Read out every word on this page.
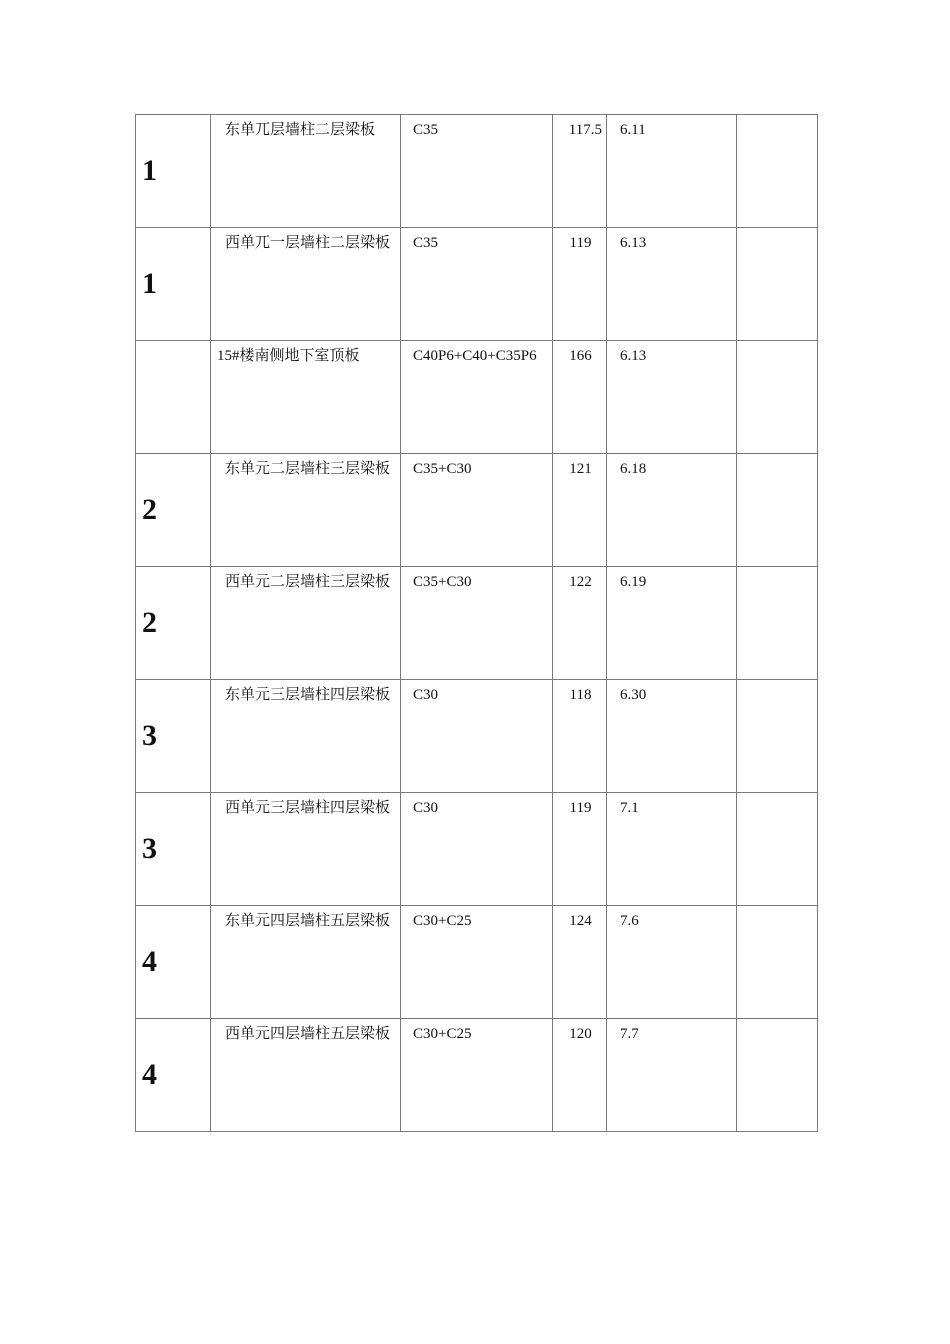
1	东单兀层墙柱二层梁板	C35	117.5	6.11	
1	西单兀一层墙柱二层梁板	C35	119	6.13	
	15#楼南侧地下室顶板	C40P6+C40+C35P6	166	6.13	
2	东单元二层墙柱三层梁板	C35+C30	121	6.18	
2	西单元二层墙柱三层梁板	C35+C30	122	6.19	
3	东单元三层墙柱四层梁板	C30	118	6.30	
3	西单元三层墙柱四层梁板	C30	119	7.1	
4	东单元四层墙柱五层梁板	C30+C25	124	7.6	
4	西单元四层墙柱五层梁板	C30+C25	120	7.7	
